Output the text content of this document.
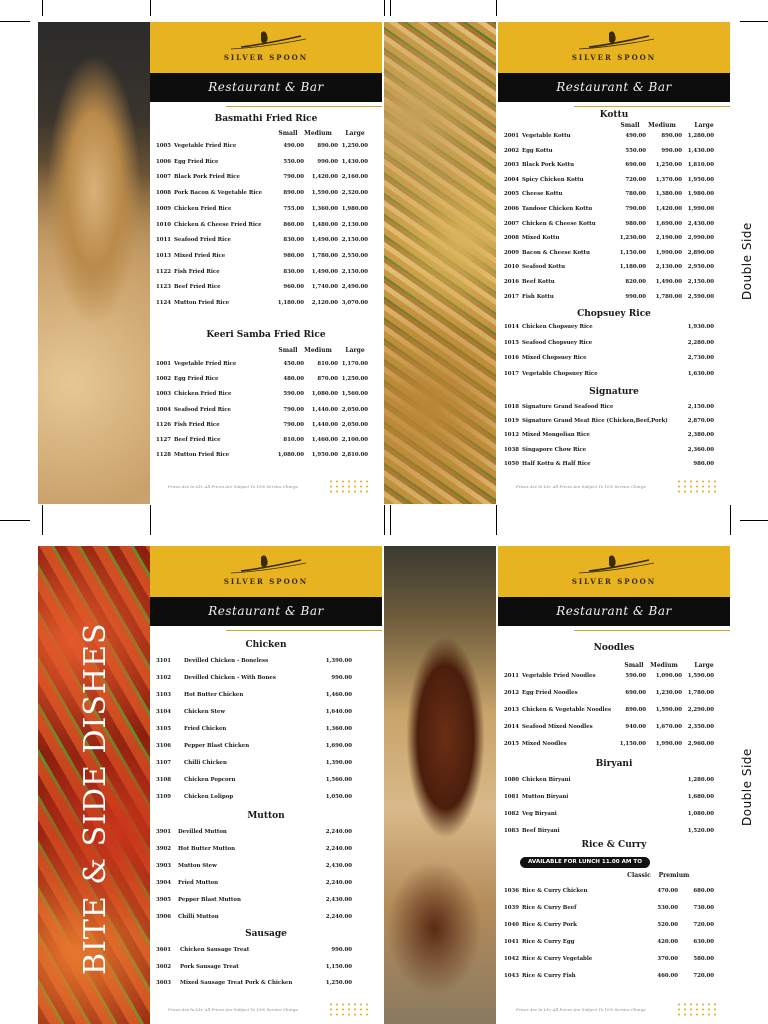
BITE & SIDE DISHES
SILVER SPOON
Restaurant & Bar
Basmathi Fried Rice
Small	Medium	Large
1005 Vegetable Fried Rice	490.00 890.00 1,250.00
1006 Egg Fried Rice	550.00 990.00 1,430.00
1007 Black Pork Fried Rice	790.00 1,420.00 2,160.00
1008 Pork Bacon & Vegetable Rice	890.00 1,590.00 2,320.00
1009 Chicken Fried Rice	755.00 1,360.00 1,980.00
1010 Chicken & Cheese Fried Rice	860.00 1,480.00 2,130.00
1011 Seafood Fried Rice	830.00 1,490.00 2,150.00
1013 Mixed Fried Rice	980.00 1,780.00 2,550.00
1122 Fish Fried Rice	830.00 1,490.00 2,150.00
1123 Beef Fried Rice	960.00 1,740.00 2,490.00
1124 Mutton Fried Rice	1,180.00 2,120.00 3,070.00
Keeri Samba Fried Rice
Small	Medium	Large
1001 Vegetable Fried Rice	450.00 810.00 1,170.00
1002 Egg Fried Rice	480.00 870.00 1,250.00
1003 Chicken Fried Rice	590.00 1,080.00 1,560.00
1004 Seafood Fried Rice	790.00 1,440.00 2,050.00
1126 Fish Fried Rice	790.00 1,440.00 2,050.00
1127 Beef Fried Rice	810.00 1,460.00 2,100.00
1128 Mutton Fried Rice	1,080.00 1,950.00 2,810.00
Prices Are In Lkr, All Prices Are Subject To 10% Service Charge
SILVER SPOON
Restaurant & Bar
Kottu
Small	Medium	Large
2001 Vegetable Kottu	490.00	890.00 1,280.00
2002 Egg Kottu	550.00	990.00 1,430.00
2003 Black Pork Kottu	690.00 1,250.00 1,810.00
2004 Spicy Chicken Kottu	720.00 1,370.00 1,950.00
2005 Cheese Kottu	780.00 1,380.00 1,980.00
2006 Tandoor Chicken Kottu	790.00 1,420.00 1,990.00
2007 Chicken & Cheese Kottu	980.00 1,690.00 2,430.00
2008 Mixed Kottu	1,230.00 2,190.00 2,990.00
2009 Bacon & Cheese Kottu	1,150.00 1,990.00 2,890.00
2010 Seafood Kottu	1,180.00 2,130.00 2,950.00
2016 Beef Kottu	820.00 1,490.00 2,150.00
2017 Fish Kottu	990.00 1,780.00 2,590.00
Chopsuey Rice
1014 Chicken Chopsuey Rice	1,930.00
1015 Seafood Chopsuey Rice	2,280.00
1016 Mixed Chopsuey Rice	2,730.00
1017 Vegetable Chopsuey Rice	1,630.00
Signature
1018 Signature Grand Seafood Rice	2,150.00
1019 Signature Grand Meat Rice (Chicken,Beef,Pork)	2,870.00
1012 Mixed Mongolian Rice	2,380.00
1038 Singapore Chow Rice	2,360.00
1050 Half Kottu & Half Rice	980.00
Prices Are In Lkr, All Prices Are Subject To 10% Service Charge
SILVER SPOON
Restaurant & Bar
Chicken
3101 Devilled Chicken - Boneless	1,390.00
3102 Devilled Chicken - With Bones	990.00
3103 Hot Butter Chicken	1,460.00
3104 Chicken Stew	1,640.00
3105 Fried Chicken	1,360.00
3106 Pepper Blast Chicken	1,690.00
3107 Chilli Chicken	1,390.00
3108 Chicken Popcorn	1,560.00
3109 Chicken Lolipop	1,050.00
Mutton
3901 Devilled Mutton	2,240.00
3902 Hot Butter Mutton	2,240.00
3903 Mutton Stew	2,430.00
3904 Fried Mutton	2,240.00
3905 Pepper Blast Mutton	2,430.00
3906 Chilli Mutton	2,240.00
Sausage
3601 Chicken Sausage Treat	990.00
3602 Pork Sausage Treat	1,150.00
3603 Mixed Sausage Treat Pork & Chicken	1,250.00
Prices Are In Lkr, All Prices Are Subject To 10% Service Charge
SILVER SPOON
Restaurant & Bar
Noodles
Small	Medium	Large
2011 Vegetable Fried Noodles	590.00 1,090.00 1,590.00
2012 Egg Fried Noodles	690.00 1,230.00 1,780.00
2013 Chicken & Vegetable Noodles	890.00 1,590.00 2,290.00
2014 Seafood Mixed Noodles	940.00 1,670.00 2,350.00
2015 Mixed Noodles	1,150.00 1,990.00 2,960.00
Biryani
1080 Chicken Biryani	1,280.00
1081 Mutton Biryani	1,680.00
1082 Veg Biryani	1,080.00
1083 Beef Biryani	1,520.00
Rice & Curry
AVAILABLE FOR LUNCH 11.00 AM TO 3.00PM	Classic	Premium
1036 Rice & Curry Chicken	470.00	680.00
1039 Rice & Curry Beef	530.00	730.00
1040 Rice & Curry Pork	520.00	720.00
1041 Rice & Curry Egg	420.00	630.00
1042 Rice & Curry Vegetable	370.00	580.00
1043 Rice & Curry Fish	460.00	720.00
Prices Are In Lkr, All Prices Are Subject To 10% Service Charge
Double Side
Double Side
